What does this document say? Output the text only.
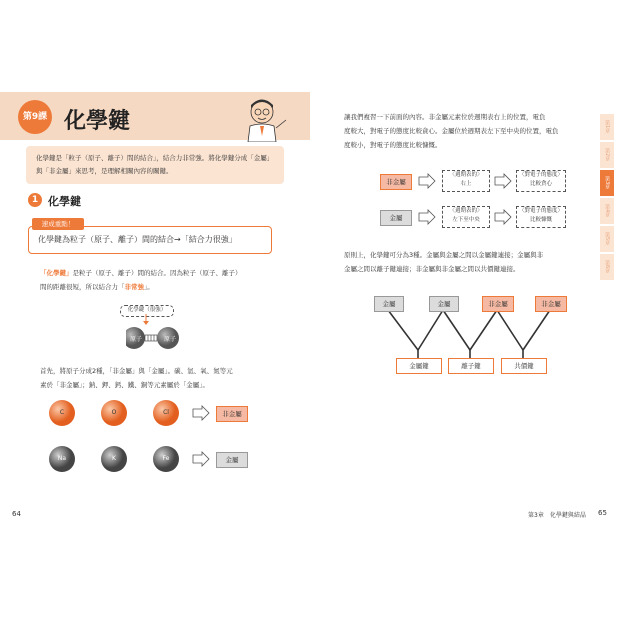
第9課 化學鍵
化學鍵是「粒子（原子、離子）間的結合」，結合力非常強。將化學鍵分成「金屬」
與「非金屬」來思考，是理解相關內容的關鍵。
1 化學鍵
速成重點！
化學鍵為粒子（原子、離子）間的結合→「結合力很強」
「化學鍵」是粒子（原子、離子）間的結合。因為粒子（原子、離子）
間的距離很短，所以結合力「非常強」。
化學鍵（很強）
原子	原子
首先，將原子分成2種，「非金屬」與「金屬」。碳、氫、氧、氮等元
素於「非金屬」；鈉、鉀、鈣、鐵、銅等元素屬於「金屬」。
C	O	Cl	非金屬
Na	K	Fe	金屬
64
讓我們複習一下前面的內容。非金屬元素位於週期表右上的位置，電負
度較大，對電子的態度比較貪心。金屬位於週期表左下至中央的位置，電負
度較小，對電子的態度比較慷慨。
非金屬
〈週期表的〉
右上
〈對電子的態度〉
比較貪心
金屬
〈週期表的〉
左下至中央
〈對電子的態度〉
比較慷慨
原則上，化學鍵可分為3種。金屬與金屬之間以金屬鍵連接；金屬與非
金屬之間以離子鍵連接；非金屬與非金屬之間以共價鍵連接。
金屬	金屬	非金屬	非金屬
金屬鍵	離子鍵	共價鍵
第3章　化學鍵與結晶 65
第1章
第2章
第3章
第4章
第5章
第6章
